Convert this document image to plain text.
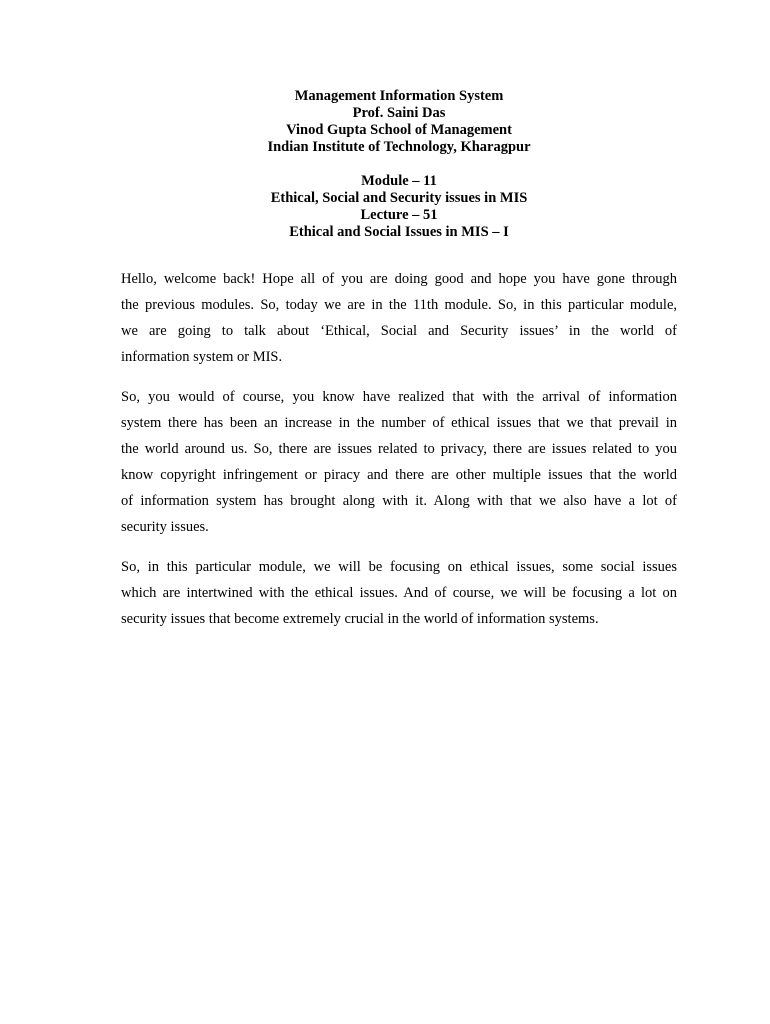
Management Information System
Prof. Saini Das
Vinod Gupta School of Management
Indian Institute of Technology, Kharagpur
Module – 11
Ethical, Social and Security issues in MIS
Lecture – 51
Ethical and Social Issues in MIS – I

Hello, welcome back! Hope all of you are doing good and hope you have gone through
the previous modules. So, today we are in the 11th module. So, in this particular module,
we are going to talk about ‘Ethical, Social and Security issues’ in the world of
information system or MIS.

So, you would of course, you know have realized that with the arrival of information
system there has been an increase in the number of ethical issues that we that prevail in
the world around us. So, there are issues related to privacy, there are issues related to you
know copyright infringement or piracy and there are other multiple issues that the world
of information system has brought along with it. Along with that we also have a lot of
security issues.

So, in this particular module, we will be focusing on ethical issues, some social issues
which are intertwined with the ethical issues. And of course, we will be focusing a lot on
security issues that become extremely crucial in the world of information systems.
